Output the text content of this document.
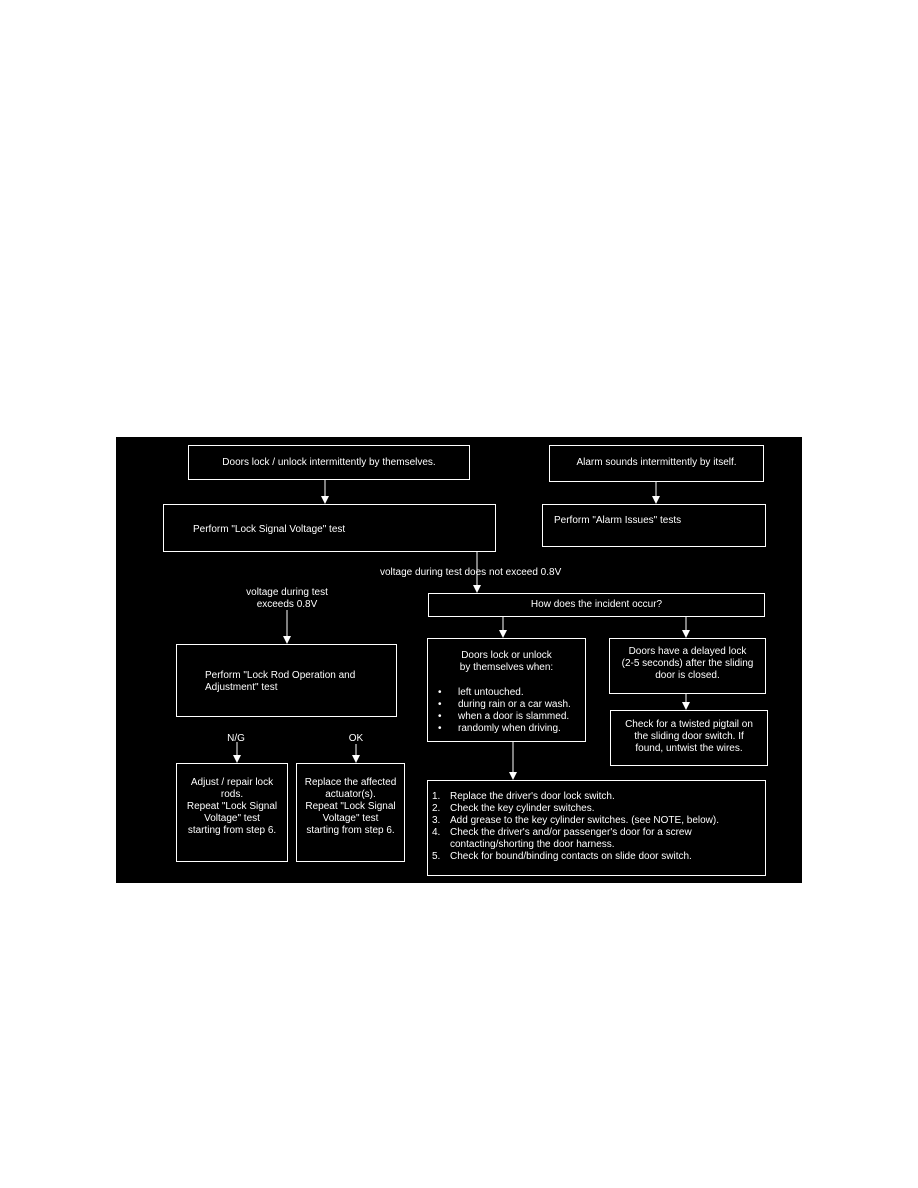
Doors lock / unlock intermittently by themselves.	Alarm sounds intermittently by itself.
Perform "Lock Signal Voltage" test
Perform "Alarm Issues" tests
voltage during test
exceeds 0.8V
voltage during test does not exceed 0.8V
How does the incident occur?
Perform "Lock Rod Operation and
Adjustment" test
Doors lock or unlock
by themselves when:
• left untouched.
• during rain or a car wash.
• when a door is slammed.
• randomly when driving.
Doors have a delayed lock
(2-5 seconds) after the sliding
door is closed.
Check for a twisted pigtail on
the sliding door switch. If
found, untwist the wires.
N/G	OK
Adjust / repair lock
rods.
Repeat "Lock Signal
Voltage" test
starting from step 6.
Replace the affected
actuator(s).
Repeat "Lock Signal
Voltage" test
starting from step 6.
1. Replace the driver's door lock switch.
2. Check the key cylinder switches.
3. Add grease to the key cylinder switches. (see NOTE, below).
4. Check the driver's and/or passenger's door for a screw contacting/shorting the door harness.
5. Check for bound/binding contacts on slide door switch.
